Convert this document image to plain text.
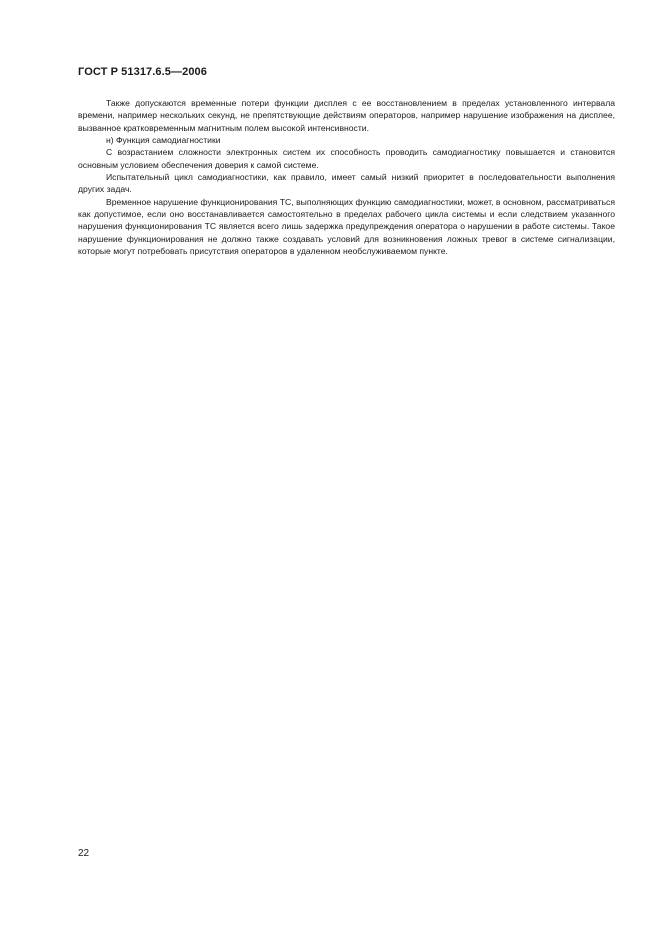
ГОСТ Р 51317.6.5—2006

Также допускаются временные потери функции дисплея с ее восстановлением в пределах установленного интервала времени, например нескольких секунд, не препятствующие действиям операторов, например нарушение изображения на дисплее, вызванное кратковременным магнитным полем высокой интенсивности.

н) Функция самодиагностики

С возрастанием сложности электронных систем их способность проводить самодиагностику повышается и становится основным условием обеспечения доверия к самой системе.

Испытательный цикл самодиагностики, как правило, имеет самый низкий приоритет в последовательности выполнения других задач.

Временное нарушение функционирования ТС, выполняющих функцию самодиагностики, может, в основном, рассматриваться как допустимое, если оно восстанавливается самостоятельно в пределах рабочего цикла системы и если следствием указанного нарушения функционирования ТС является всего лишь задержка предупреждения оператора о нарушении в работе системы. Такое нарушение функционирования не должно также создавать условий для возникновения ложных тревог в системе сигнализации, которые могут потребовать присутствия операторов в удаленном необслуживаемом пункте.

22
